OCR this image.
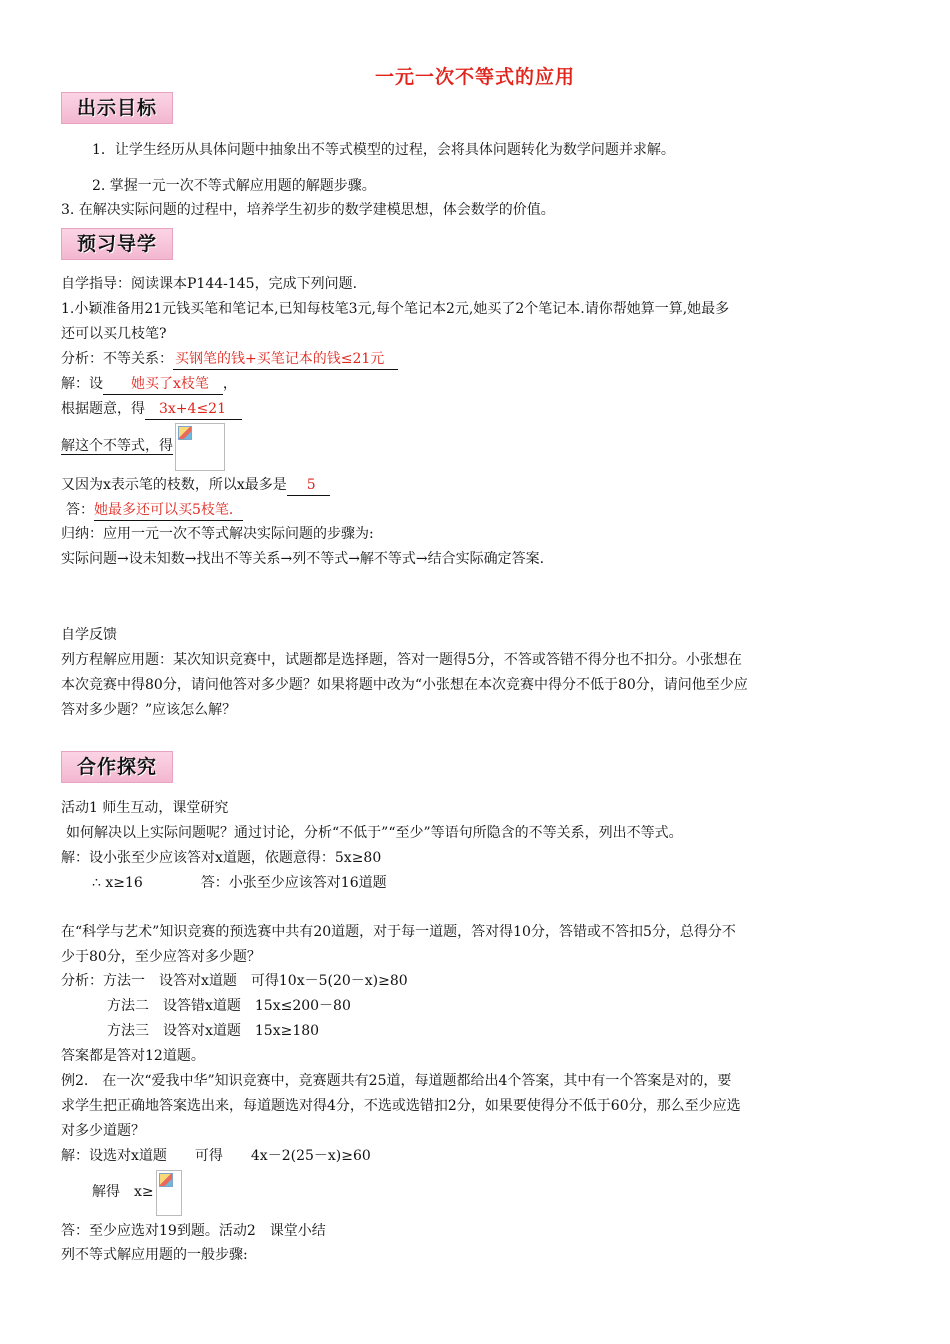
一元一次不等式的应用
出示目标
1．让学生经历从具体问题中抽象出不等式模型的过程，会将具体问题转化为数学问题并求解。
2. 掌握一元一次不等式解应用题的解题步骤。
3. 在解决实际问题的过程中，培养学生初步的数学建模思想，体会数学的价值。
预习导学
自学指导：阅读课本P144-145，完成下列问题.
1.小颖准备用21元钱买笔和笔记本,已知每枝笔3元,每个笔记本2元,她买了2个笔记本.请你帮她算一算,她最多
还可以买几枝笔?
分析：不等关系： 买钢笔的钱+买笔记本的钱≤21元
解：设 她买了x枝笔 ，
根据题意，得 3x+4≤21
解这个不等式，得
又因为x表示笔的枝数，所以x最多是 5
答：她最多还可以买5枝笔．
归纳：应用一元一次不等式解决实际问题的步骤为:
实际问题→设未知数→找出不等关系→列不等式→解不等式→结合实际确定答案.
自学反馈
列方程解应用题：某次知识竞赛中，试题都是选择题，答对一题得5分，不答或答错不得分也不扣分。小张想在
本次竞赛中得80分，请问他答对多少题？如果将题中改为“小张想在本次竞赛中得分不低于80分，请问他至少应
答对多少题？”应该怎么解？
合作探究
活动1 师生互动，课堂研究
如何解决以上实际问题呢？通过讨论，分析“不低于”“至少”等语句所隐含的不等关系，列出不等式。
解：设小张至少应该答对x道题，依题意得：5x≥80
∴ x≥16	答：小张至少应该答对16道题
在“科学与艺术”知识竞赛的预选赛中共有20道题，对于每一道题，答对得10分，答错或不答扣5分，总得分不
少于80分，至少应答对多少题？
分析：方法一　设答对x道题　可得10x－5(20－x)≥80
方法二　设答错x道题　15x≤200－80
方法三　设答对x道题　15x≥180
答案都是答对12道题。
例2.　在一次“爱我中华”知识竞赛中，竞赛题共有25道，每道题都给出4个答案，其中有一个答案是对的，要
求学生把正确地答案选出来，每道题选对得4分，不选或选错扣2分，如果要使得分不低于60分，那么至少应选
对多少道题？
解：设选对x道题　　可得　　4x－2(25－x)≥60
解得　x≥
答：至少应选对19到题。活动2　课堂小结
列不等式解应用题的一般步骤:
